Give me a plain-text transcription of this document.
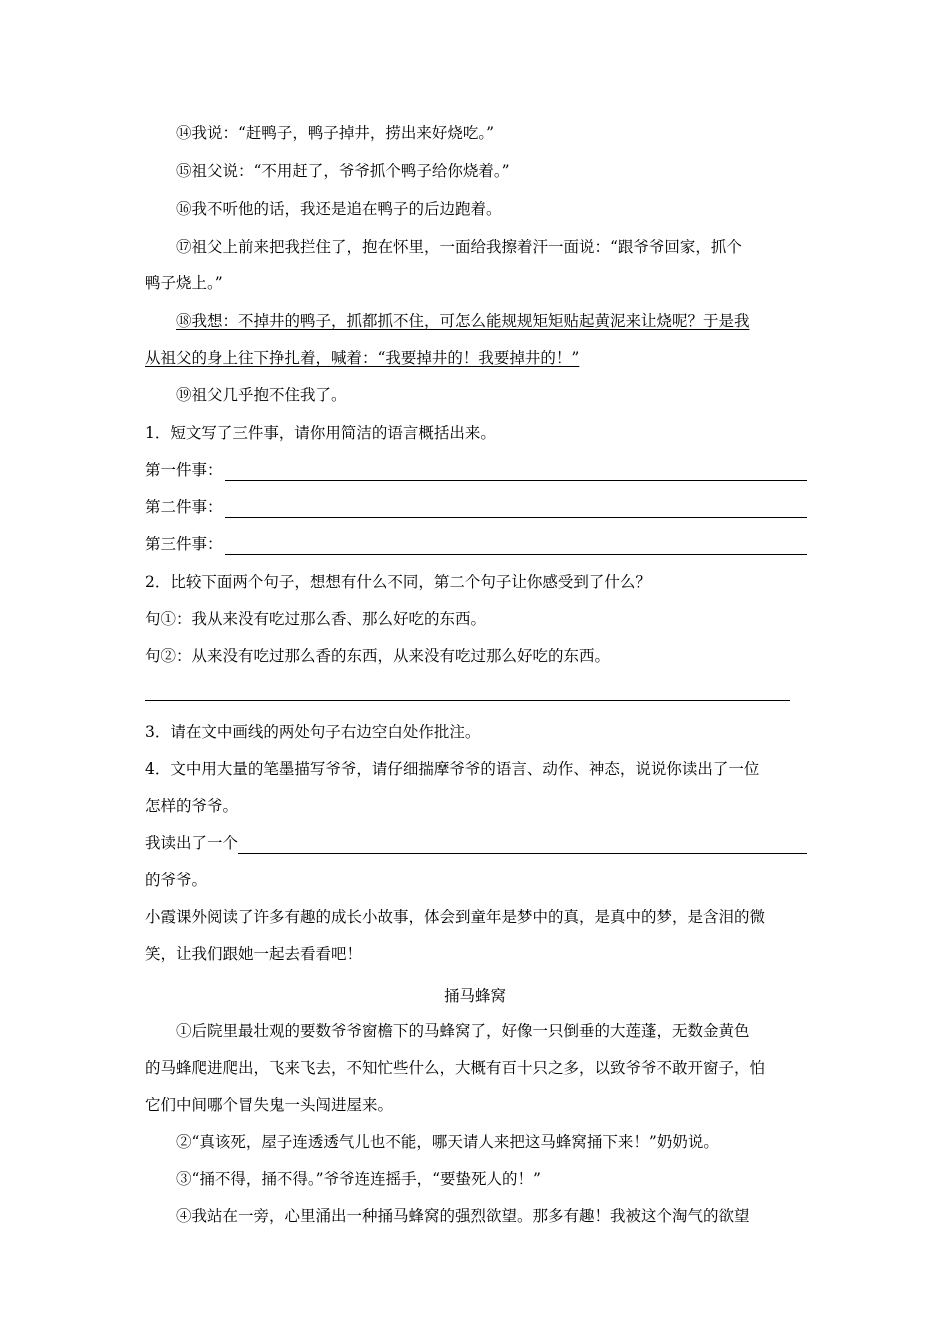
⑭我说：“赶鸭子，鸭子掉井，捞出来好烧吃。”

⑮祖父说：“不用赶了，爷爷抓个鸭子给你烧着。”

⑯我不听他的话，我还是追在鸭子的后边跑着。

⑰祖父上前来把我拦住了，抱在怀里，一面给我擦着汗一面说：“跟爷爷回家，抓个

鸭子烧上。”

⑱我想：不掉井的鸭子，抓都抓不住，可怎么能规规矩矩贴起黄泥来让烧呢？于是我

从祖父的身上往下挣扎着，喊着：“我要掉井的！我要掉井的！”

⑲祖父几乎抱不住我了。

1．短文写了三件事，请你用简洁的语言概括出来。

第一件事：
第二件事：
第三件事：

2．比较下面两个句子，想想有什么不同，第二个句子让你感受到了什么？

句①：我从来没有吃过那么香、那么好吃的东西。

句②：从来没有吃过那么香的东西，从来没有吃过那么好吃的东西。

3．请在文中画线的两处句子右边空白处作批注。

4．文中用大量的笔墨描写爷爷，请仔细揣摩爷爷的语言、动作、神态，说说你读出了一位

怎样的爷爷。

我读出了一个

的爷爷。

小霞课外阅读了许多有趣的成长小故事，体会到童年是梦中的真，是真中的梦，是含泪的微

笑，让我们跟她一起去看看吧！

捅马蜂窝

①后院里最壮观的要数爷爷窗檐下的马蜂窝了，好像一只倒垂的大莲蓬，无数金黄色

的马蜂爬进爬出，飞来飞去，不知忙些什么，大概有百十只之多，以致爷爷不敢开窗子，怕

它们中间哪个冒失鬼一头闯进屋来。

②“真该死，屋子连透透气儿也不能，哪天请人来把这马蜂窝捅下来！”奶奶说。

③“捅不得，捅不得。”爷爷连连摇手，“要蛰死人的！”

④我站在一旁，心里涌出一种捅马蜂窝的强烈欲望。那多有趣！我被这个淘气的欲望
